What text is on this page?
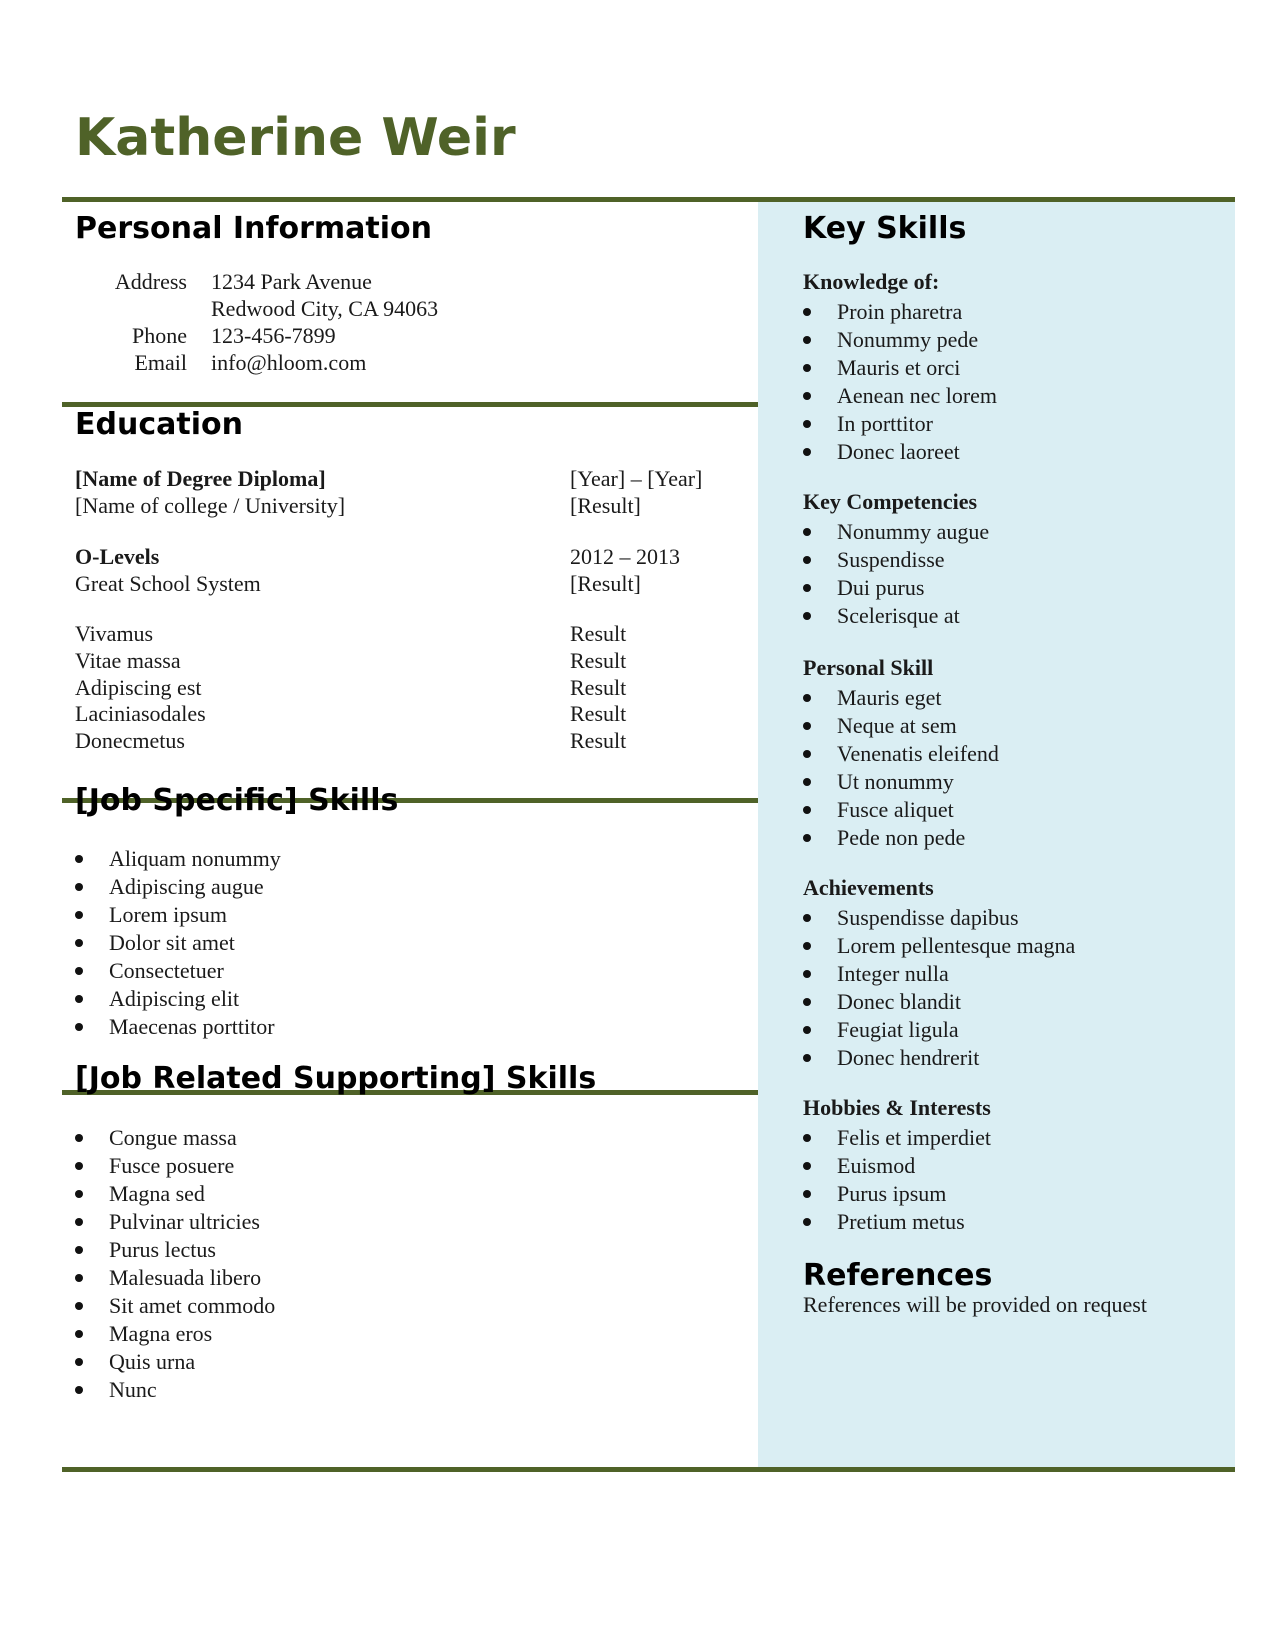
Katherine Weir
Personal Information
Address 1234 Park Avenue
Redwood City, CA 94063
Phone 123-456-7899
Email info@hloom.com
Education
[Name of Degree Diploma]	[Year] – [Year]
[Name of college / University]	[Result]
O-Levels	2012 – 2013
Great School System	[Result]
Vivamus	Result
Vitae massa	Result
Adipiscing est	Result
Laciniasodales	Result
Donecmetus	Result
[Job Specific] Skills
Aliquam nonummy
Adipiscing augue
Lorem ipsum
Dolor sit amet
Consectetuer
Adipiscing elit
Maecenas porttitor
[Job Related Supporting] Skills
Congue massa
Fusce posuere
Magna sed
Pulvinar ultricies
Purus lectus
Malesuada libero
Sit amet commodo
Magna eros
Quis urna
Nunc
Key Skills
Knowledge of:
Proin pharetra
Nonummy pede
Mauris et orci
Aenean nec lorem
In porttitor
Donec laoreet
Key Competencies
Nonummy augue
Suspendisse
Dui purus
Scelerisque at
Personal Skill
Mauris eget
Neque at sem
Venenatis eleifend
Ut nonummy
Fusce aliquet
Pede non pede
Achievements
Suspendisse dapibus
Lorem pellentesque magna
Integer nulla
Donec blandit
Feugiat ligula
Donec hendrerit
Hobbies & Interests
Felis et imperdiet
Euismod
Purus ipsum
Pretium metus
References
References will be provided on request
